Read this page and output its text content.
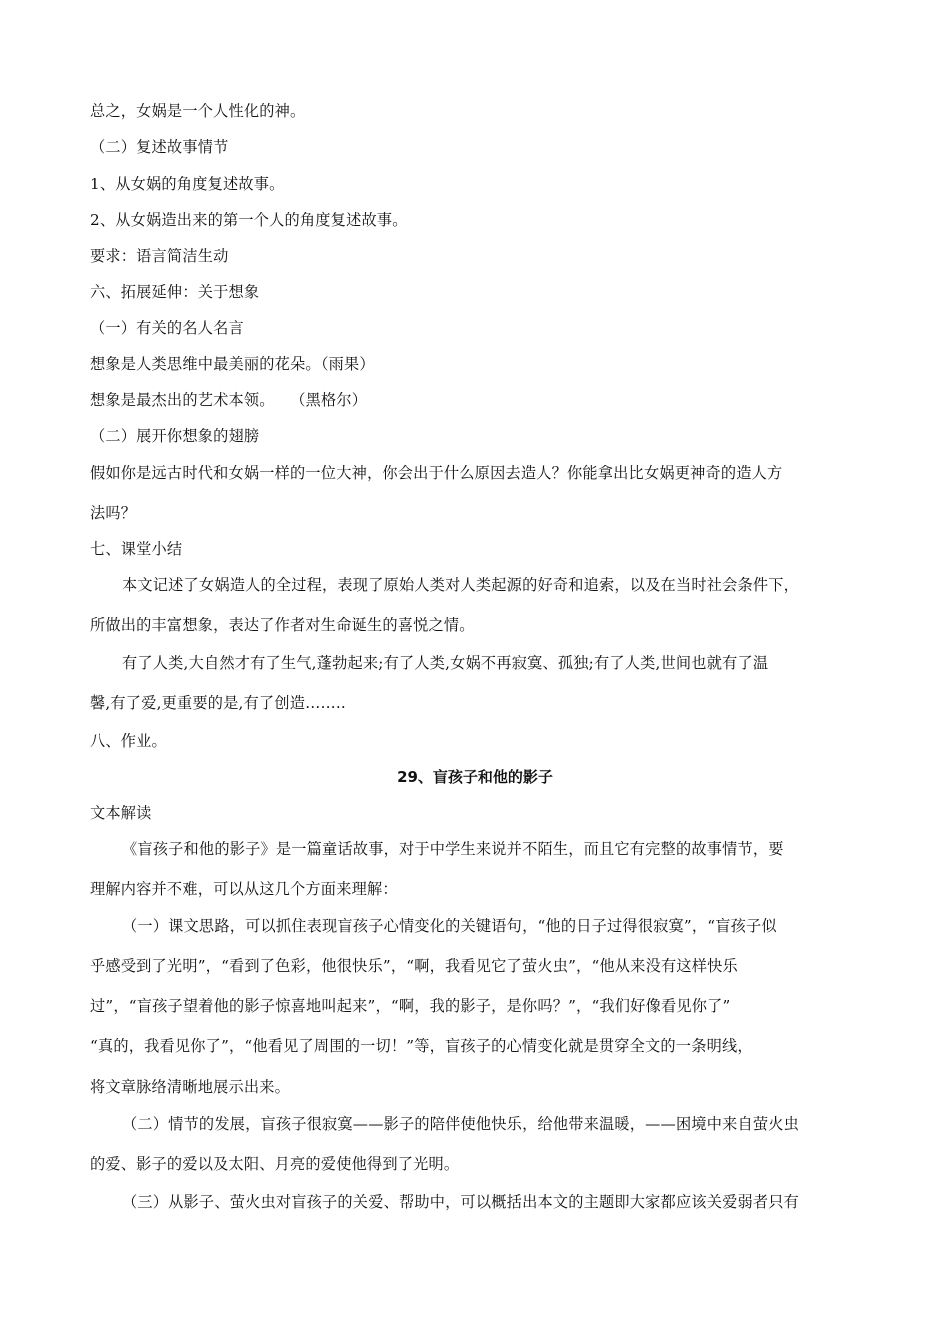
总之，女娲是一个人性化的神。
（二）复述故事情节
1、从女娲的角度复述故事。
2、从女娲造出来的第一个人的角度复述故事。
要求：语言简洁生动
六、拓展延伸：关于想象
（一）有关的名人名言
想象是人类思维中最美丽的花朵。（雨果）
想象是最杰出的艺术本领。　　（黑格尔）
（二）展开你想象的翅膀
假如你是远古时代和女娲一样的一位大神，你会出于什么原因去造人？你能拿出比女娲更神奇的造人方
法吗？
七、课堂小结
本文记述了女娲造人的全过程，表现了原始人类对人类起源的好奇和追索，以及在当时社会条件下，
所做出的丰富想象，表达了作者对生命诞生的喜悦之情。
有了人类,大自然才有了生气,蓬勃起来;有了人类,女娲不再寂寞、孤独;有了人类,世间也就有了温
馨,有了爱,更重要的是,有了创造……..
八、作业。
29、盲孩子和他的影子
文本解读
《盲孩子和他的影子》是一篇童话故事，对于中学生来说并不陌生，而且它有完整的故事情节，要
理解内容并不难，可以从这几个方面来理解：
（一）课文思路，可以抓住表现盲孩子心情变化的关键语句，“他的日子过得很寂寞”，“盲孩子似
乎感受到了光明”，“看到了色彩，他很快乐”，“啊，我看见它了萤火虫”，“他从来没有这样快乐
过”，“盲孩子望着他的影子惊喜地叫起来”，“啊，我的影子，是你吗？”，“我们好像看见你了”
“真的，我看见你了”，“他看见了周围的一切！”等，盲孩子的心情变化就是贯穿全文的一条明线，
将文章脉络清晰地展示出来。
（二）情节的发展，盲孩子很寂寞——影子的陪伴使他快乐，给他带来温暖，——困境中来自萤火虫
的爱、影子的爱以及太阳、月亮的爱使他得到了光明。
（三）从影子、萤火虫对盲孩子的关爱、帮助中，可以概括出本文的主题即大家都应该关爱弱者只有
